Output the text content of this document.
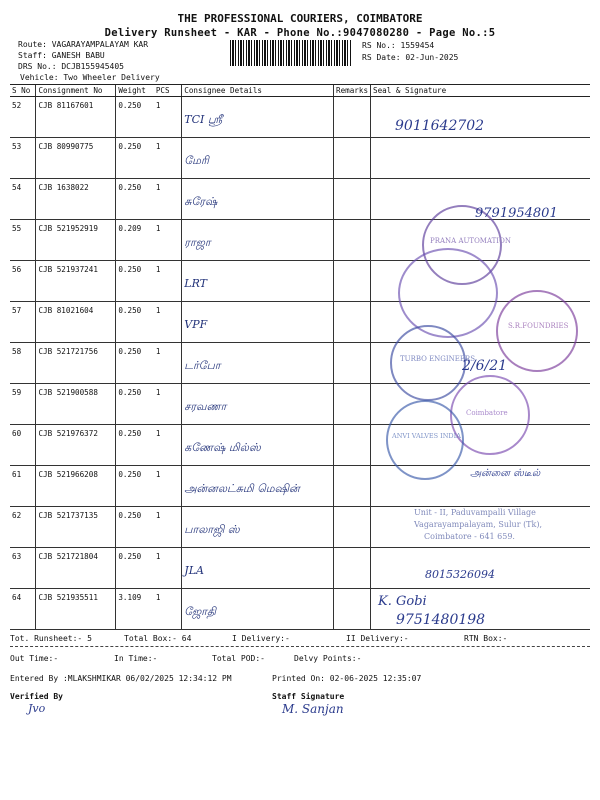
THE PROFESSIONAL COURIERS, COIMBATORE
Delivery Runsheet - KAR - Phone No.:9047080280 - Page No.:5
Route: VAGARAYAMPALAYAM KAR
Staff: GANESH BABU
DRS No.: DCJB155945405
Vehicle: Two Wheeler Delivery
RS No.: 1559454
RS Date: 02-Jun-2025
S No	Consignment No	Weight	PCS	Consignee Details	Remarks	Seal & Signature
52	CJB 81167601	0.250	1	TCI ஸ்ரீ		

53	CJB 80990775	0.250	1	மேரி		

54	CJB 1638022	0.250	1	சுரேஷ்		

55	CJB 521952919	0.209	1	ராஜா		

56	CJB 521937241	0.250	1	LRT		

57	CJB 81021604	0.250	1	VPF		

58	CJB 521721756	0.250	1	டர்போ		

59	CJB 521900588	0.250	1	சரவணா		

60	CJB 521976372	0.250	1	கணேஷ் மில்ஸ்		

61	CJB 521966208	0.250	1	அன்னலட்சுமி மெஷின்		

62	CJB 521737135	0.250	1	பாலாஜி ஸ்		

63	CJB 521721804	0.250	1	JLA		

64	CJB 521935511	3.109	1	ஜோதி		

PRANA AUTOMATION
S.R.FOUNDRIES
TURBO ENGINEERS
Coimbatore
ANVI VALVES INDIA
9011642702
9791954801
2/6/21
அன்னை ஸ்டீல்
Unit - II, Paduvampalli Village
Vagarayampalayam, Sulur (Tk),
Coimbatore - 641 659.
8015326094
K. Gobi
9751480198
Tot. Runsheet:- 5	Total Box:- 64	I Delivery:-	II Delivery:-	RTN Box:-
Out Time:-	In Time:-	Total POD:-	Delvy Points:-
Entered By :MLAKSHMIKAR 06/02/2025 12:34:12 PM	Printed On: 02-06-2025 12:35:07
Verified By	Staff Signature
Jvo	M. Sanjan
